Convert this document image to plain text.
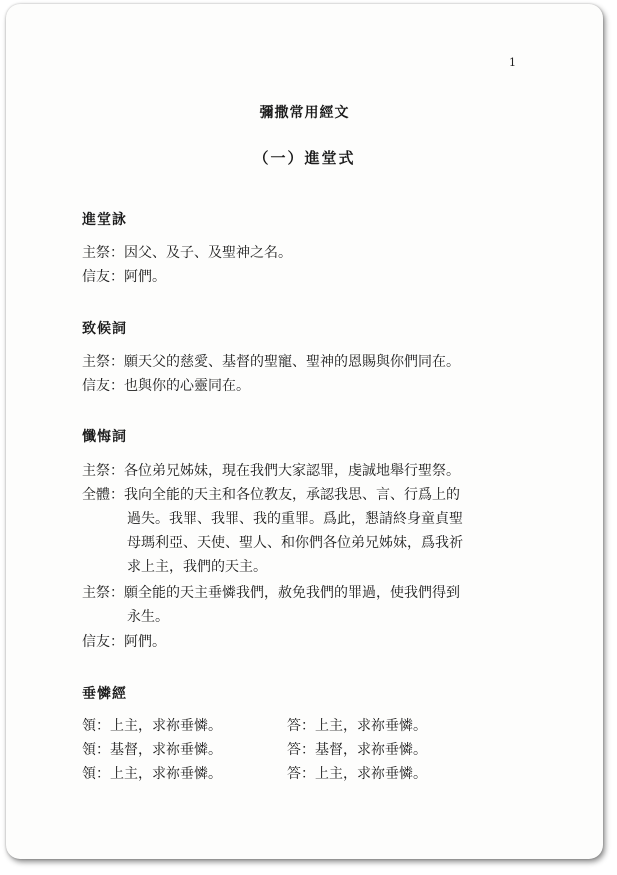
1
彌撒常用經文
（一）進堂式
進堂詠
主祭：因父、及子、及聖神之名。
信友：阿們。
致候詞
主祭：願天父的慈愛、基督的聖寵、聖神的恩賜與你們同在。
信友：也與你的心靈同在。
懺悔詞
主祭：各位弟兄姊妹，現在我們大家認罪，虔誠地舉行聖祭。
全體：我向全能的天主和各位教友，承認我思、言、行爲上的
過失。我罪、我罪、我的重罪。爲此，懇請終身童貞聖
母瑪利亞、天使、聖人、和你們各位弟兄姊妹，爲我祈
求上主，我們的天主。
主祭：願全能的天主垂憐我們，赦免我們的罪過，使我們得到
永生。
信友：阿們。
垂憐經
領：上主，求祢垂憐。	答：上主，求祢垂憐。
領：基督，求祢垂憐。	答：基督，求祢垂憐。
領：上主，求祢垂憐。	答：上主，求祢垂憐。
